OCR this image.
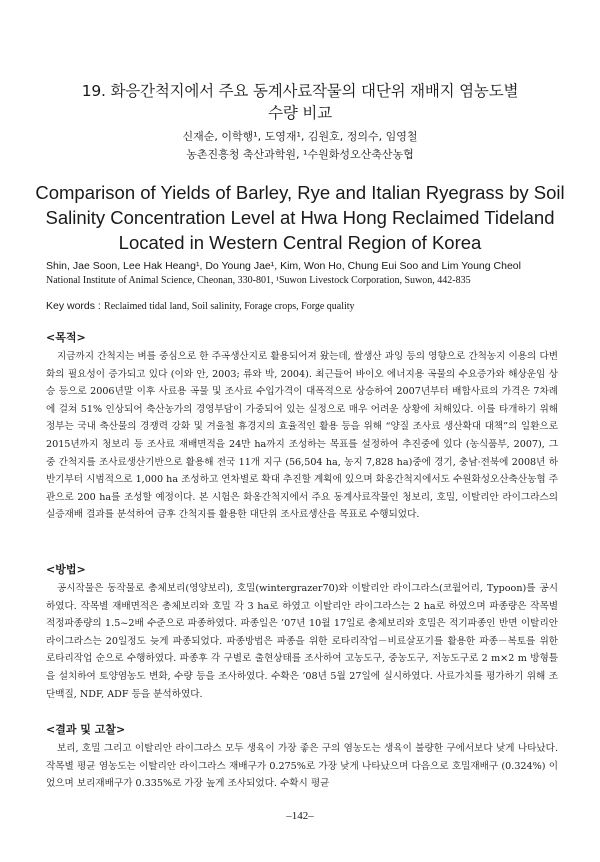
19. 화응간척지에서 주요 동계사료작물의 대단위 재배지 염농도별
수량 비교
신재순, 이학행¹, 도영재¹, 김원호, 정의수, 임영철
농촌진흥청 축산과학원, ¹수원화성오산축산농협
Comparison of Yields of Barley, Rye and Italian Ryegrass by Soil
Salinity Concentration Level at Hwa Hong Reclaimed Tideland
Located in Western Central Region of Korea
Shin, Jae Soon, Lee Hak Heang¹, Do Young Jae¹, Kim, Won Ho, Chung Eui Soo and Lim Young Cheol
National Institute of Animal Science, Cheonan, 330-801, ¹Suwon Livestock Corporation, Suwon, 442-835
Key words : Reclaimed tidal land, Soil salinity, Forage crops, Forge quality
<목적>

지금까지 간척지는 벼를 중심으로 한 주곡생산지로 활용되어져 왔는데, 쌀생산 과잉 등의 영향으로 간척농지 이용의 다변화의 필요성이 증가되고 있다 (이와 안, 2003; 류와 박, 2004). 최근들어 바이오 에너지용 곡물의 수요증가와 해상운임 상승 등으로 2006년말 이후 사료용 곡물 및 조사료 수입가격이 대폭적으로 상승하여 2007년부터 배합사료의 가격은 7차례에 걸쳐 51% 인상되어 축산농가의 경영부담이 가중되어 있는 실정으로 매우 어려운 상황에 처해있다. 이를 타개하기 위해 정부는 국내 축산물의 경쟁력 강화 및 겨울철 휴경지의 효율적인 활용 등을 위해 “양질 조사료 생산확대 대책”의 일환으로 2015년까지 청보리 등 조사료 재배면적을 24만 ha까지 조성하는 목표를 설정하여 추진중에 있다 (농식품부, 2007), 그 중 간척지를 조사료생산기반으로 활용해 전국 11개 지구 (56,504 ha, 농지 7,828 ha)중에 경기, 충남·전북에 2008년 하반기부터 시범적으로 1,000 ha 조성하고 연차별로 확대 추진할 계획에 있으며 화옹간척지에서도 수원화성오산축산농협 주관으로 200 ha를 조성할 예정이다. 본 시험은 화옹간척지에서 주요 동계사료작물인 청보리, 호밀, 이탈리안 라이그라스의 실증재배 결과를 분석하여 금후 간척지를 활용한 대단위 조사료생산을 목표로 수행되었다.

<방법>

공시작물은 동작물로 총체보리(영양보리), 호밀(wintergrazer70)와 이탈리안 라이그라스(코월어리, Typoon)를 공시하였다. 작목별 재배면적은 총체보리와 호밀 각 3 ha로 하였고 이탈리안 라이그라스는 2 ha로 하였으며 파종량은 작목별 적정파종량의 1.5~2배 수준으로 파종하였다. 파종일은 ’07년 10월 17일로 총체보리와 호밀은 적기파종인 반면 이탈리안 라이그라스는 20일정도 늦게 파종되었다. 파종방법은 파종을 위한 로타리작업－비료살포기를 활용한 파종－복토를 위한 로타리작업 순으로 수행하였다. 파종후 각 구별로 출현상태를 조사하여 고농도구, 중농도구, 저농도구로 2 m×2 m 방형틀을 설치하여 토양염농도 변화, 수량 등을 조사하였다. 수확은 ’08년 5월 27일에 실시하였다. 사료가치를 평가하기 위해 조단백질, NDF, ADF 등을 분석하였다.

<결과 및 고찰>

보리, 호밀 그리고 이탈리안 라이그라스 모두 생육이 가장 좋은 구의 염농도는 생육이 불량한 구에서보다 낮게 나타났다. 작목별 평균 염농도는 이탈리안 라이그라스 재배구가 0.275%로 가장 낮게 나타났으며 다음으로 호밀재배구 (0.324%) 이었으며 보리재배구가 0.335%로 가장 높게 조사되었다. 수확시 평균

–142–
